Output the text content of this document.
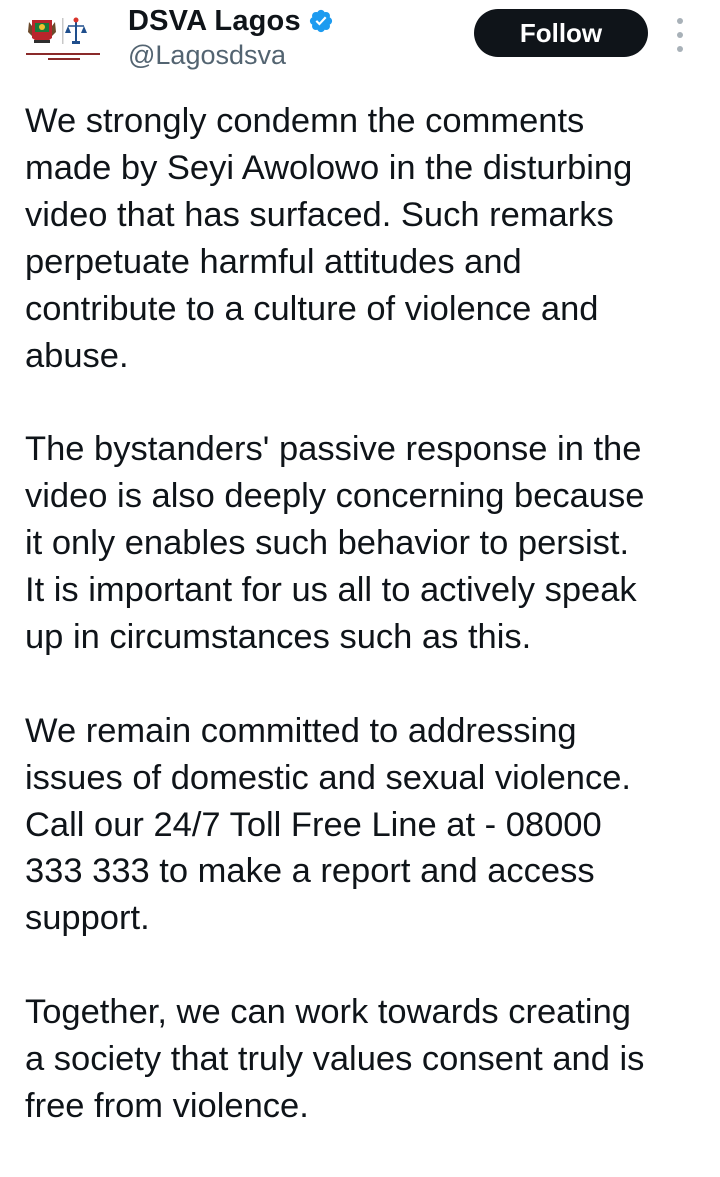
DSVA Lagos
@Lagosdsva
Follow

We strongly condemn the comments
made by Seyi Awolowo in the disturbing
video that has surfaced. Such remarks
perpetuate harmful attitudes and
contribute to a culture of violence and
abuse.

The bystanders' passive response in the
video is also deeply concerning because
it only enables such behavior to persist.
It is important for us all to actively speak
up in circumstances such as this.

We remain committed to addressing
issues of domestic and sexual violence.
Call our 24/7 Toll Free Line at - 08000
333 333 to make a report and access
support.

Together, we can work towards creating
a society that truly values consent and is
free from violence.
